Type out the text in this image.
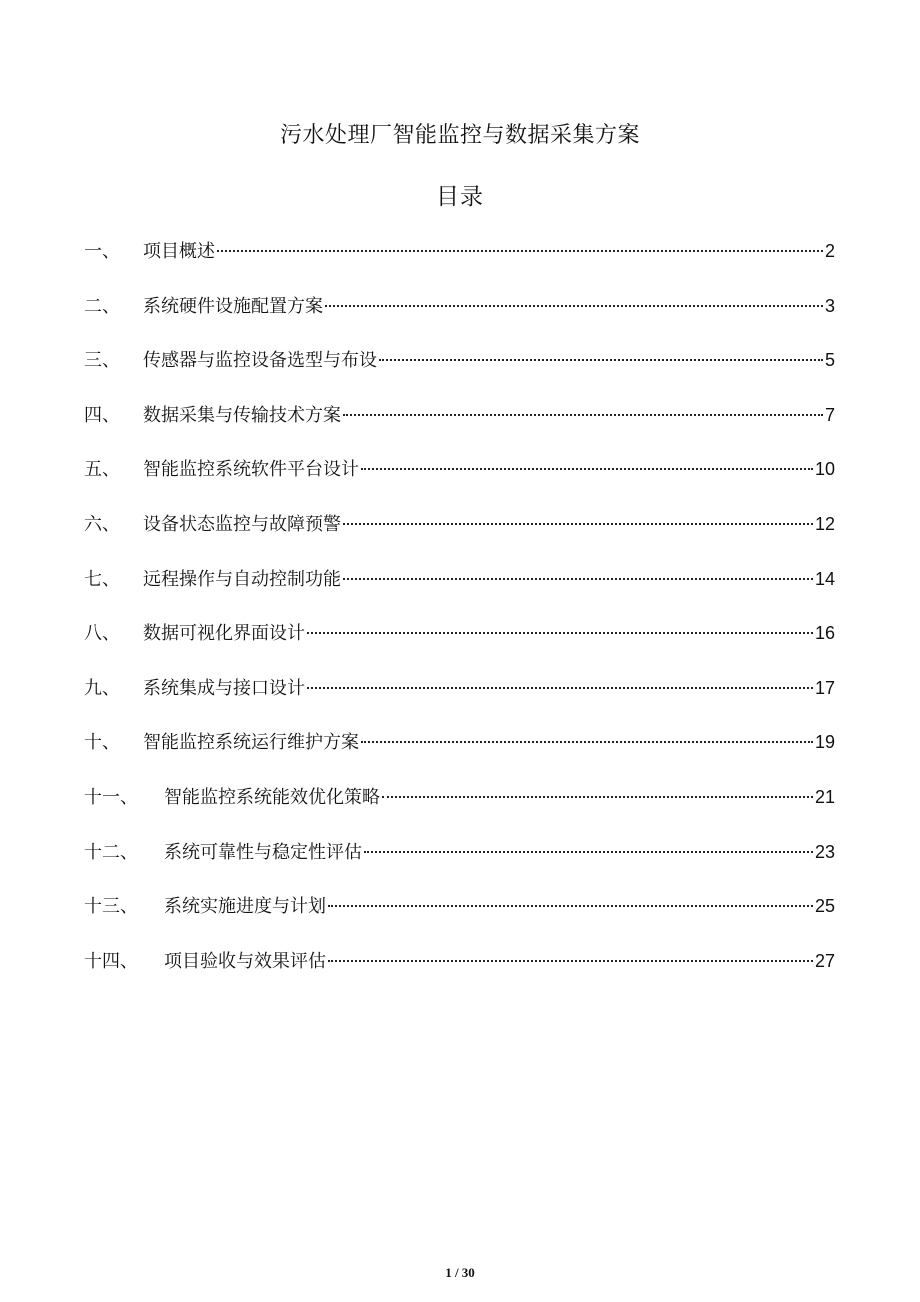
污水处理厂智能监控与数据采集方案
目录
一、	项目概述	2
二、	系统硬件设施配置方案	3
三、	传感器与监控设备选型与布设	5
四、	数据采集与传输技术方案	7
五、	智能监控系统软件平台设计	10
六、	设备状态监控与故障预警	12
七、	远程操作与自动控制功能	14
八、	数据可视化界面设计	16
九、	系统集成与接口设计	17
十、	智能监控系统运行维护方案	19
十一、	智能监控系统能效优化策略	21
十二、	系统可靠性与稳定性评估	23
十三、	系统实施进度与计划	25
十四、	项目验收与效果评估	27
1 / 30
